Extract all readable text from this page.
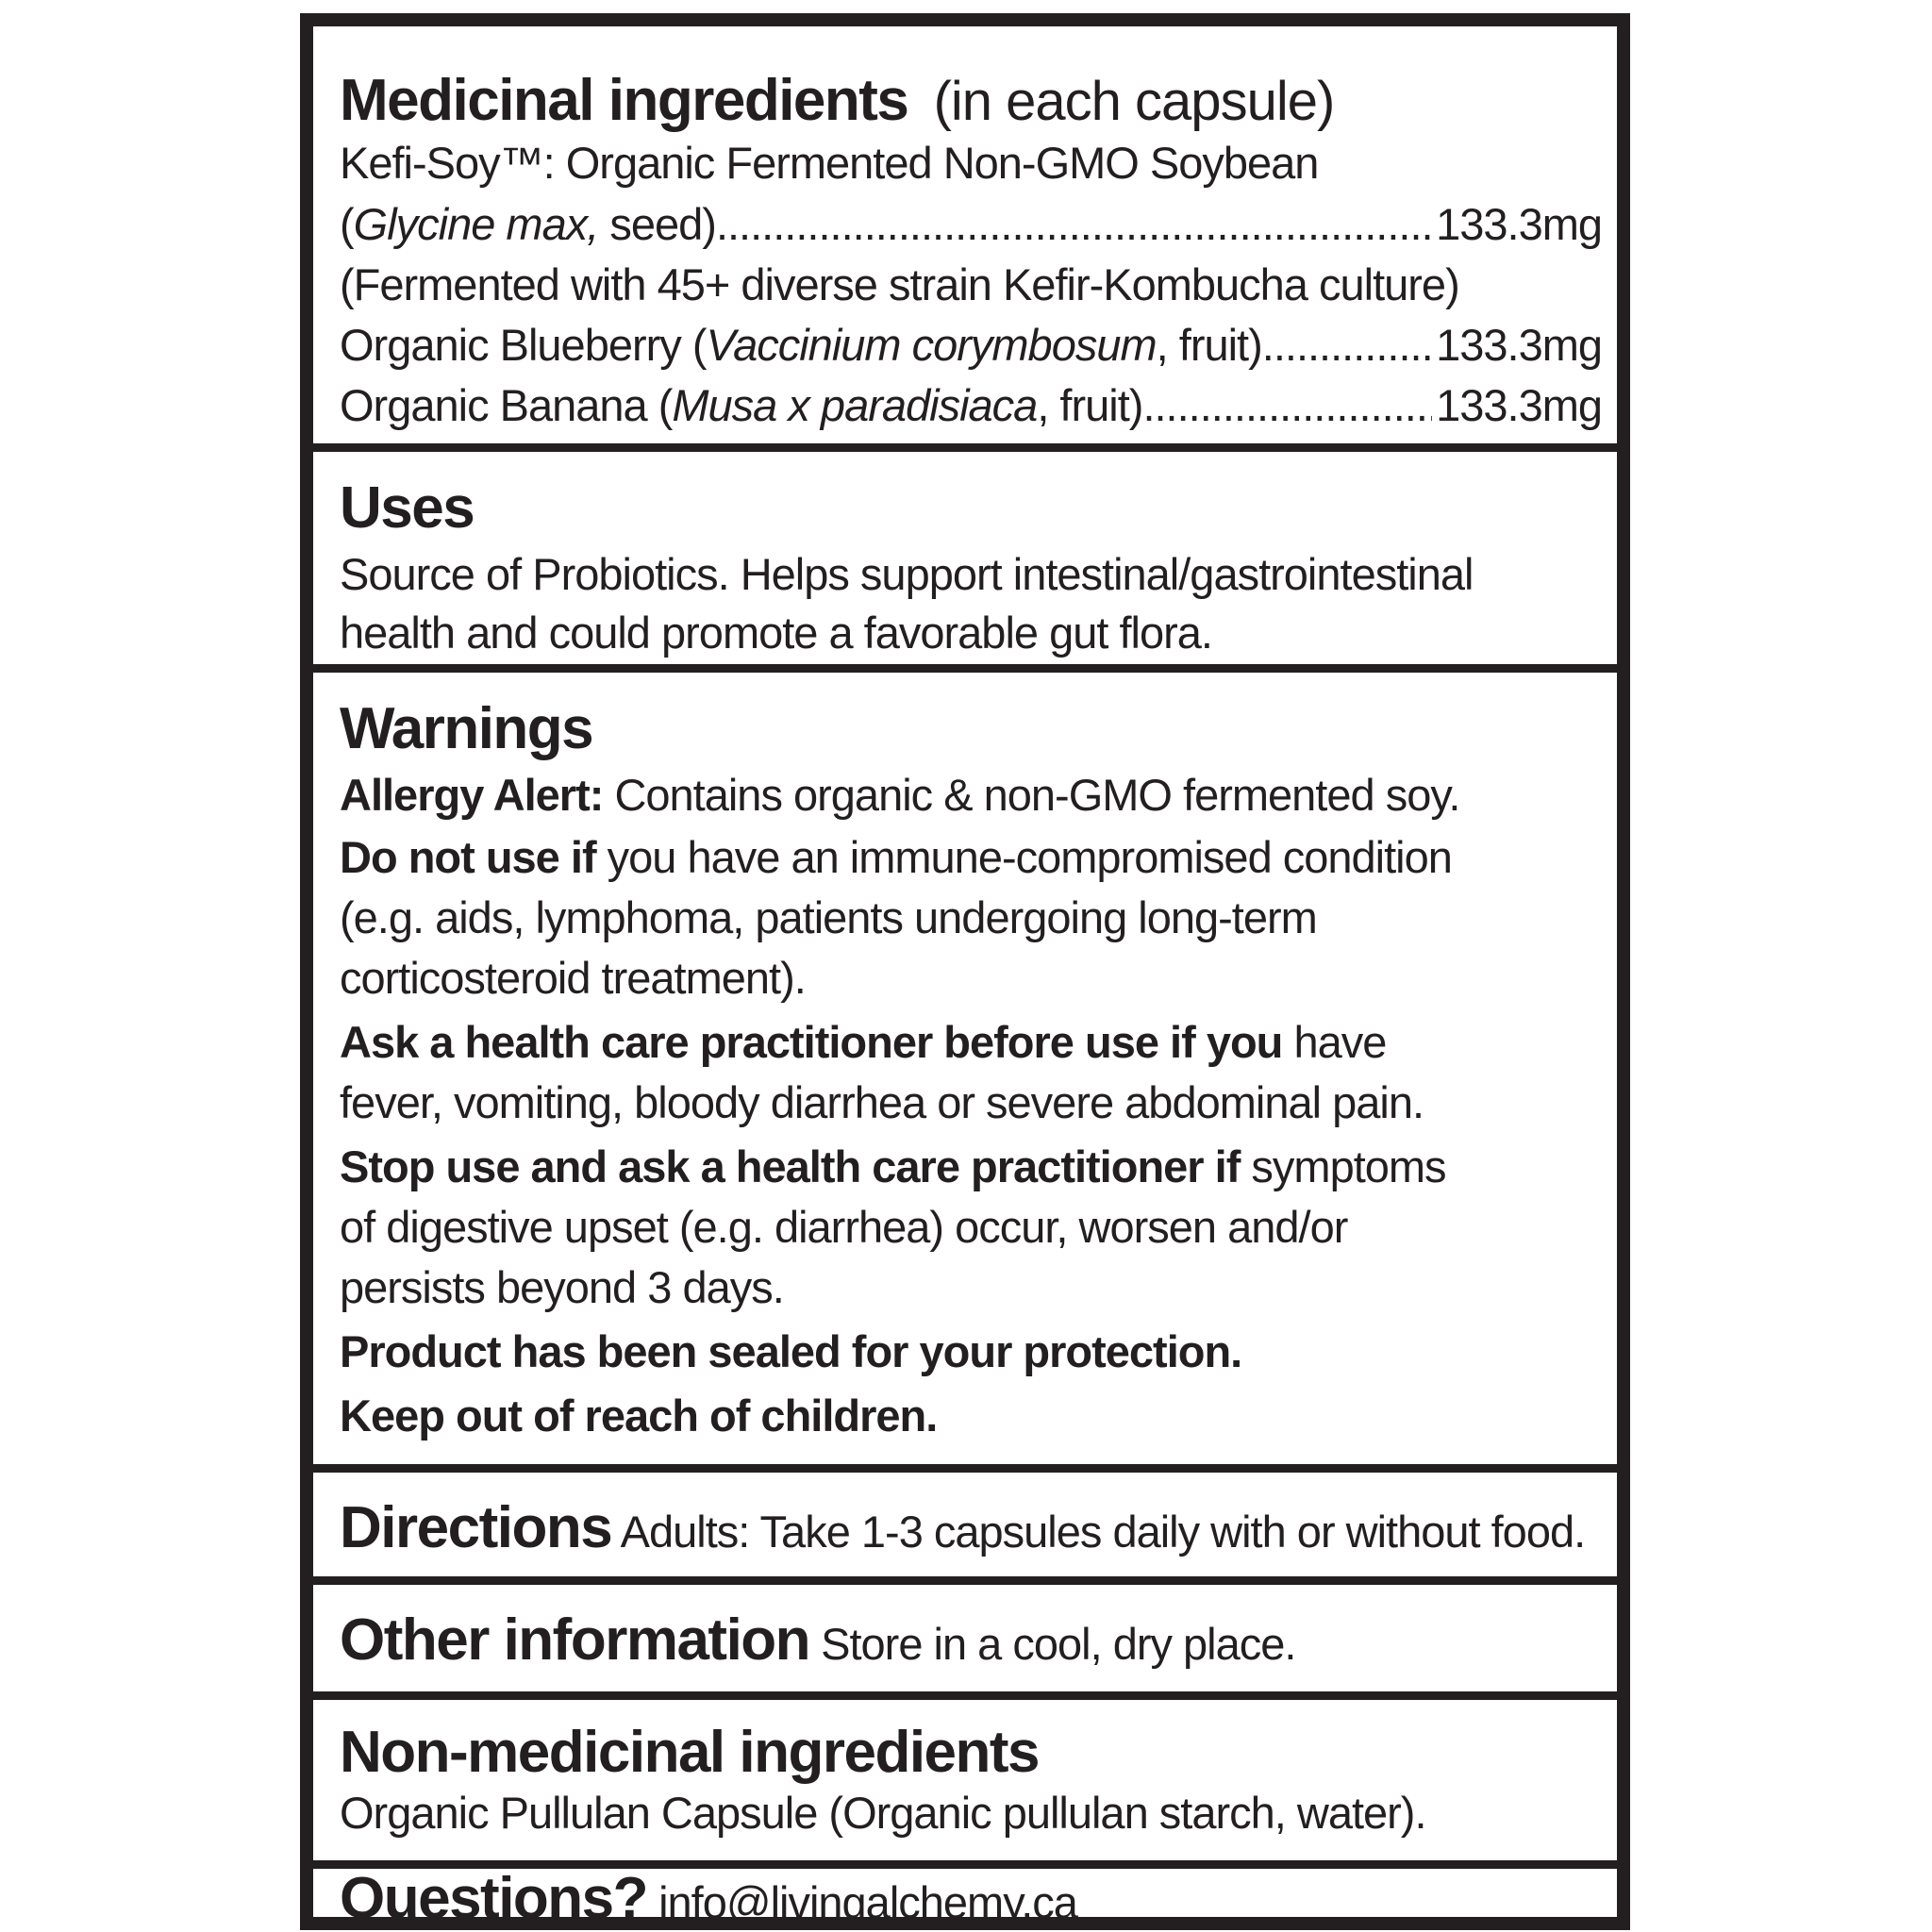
Medicinal ingredients (in each capsule)
Kefi-Soy™: Organic Fermented Non-GMO Soybean
(Glycine max, seed) .....	133.3mg
(Fermented with 45+ diverse strain Kefir-Kombucha culture)
Organic Blueberry (Vaccinium corymbosum, fruit) .....	133.3mg
Organic Banana (Musa x paradisiaca, fruit) .....	133.3mg
Uses
Source of Probiotics. Helps support intestinal/gastrointestinal
health and could promote a favorable gut flora.
Warnings
Allergy Alert: Contains organic & non-GMO fermented soy.
Do not use if you have an immune-compromised condition
(e.g. aids, lymphoma, patients undergoing long-term
corticosteroid treatment).
Ask a health care practitioner before use if you have
fever, vomiting, bloody diarrhea or severe abdominal pain.
Stop use and ask a health care practitioner if symptoms
of digestive upset (e.g. diarrhea) occur, worsen and/or
persists beyond 3 days.
Product has been sealed for your protection.
Keep out of reach of children.
Directions Adults: Take 1-3 capsules daily with or without food.
Other information Store in a cool, dry place.
Non-medicinal ingredients
Organic Pullulan Capsule (Organic pullulan starch, water).
Questions? info@livingalchemy.ca
